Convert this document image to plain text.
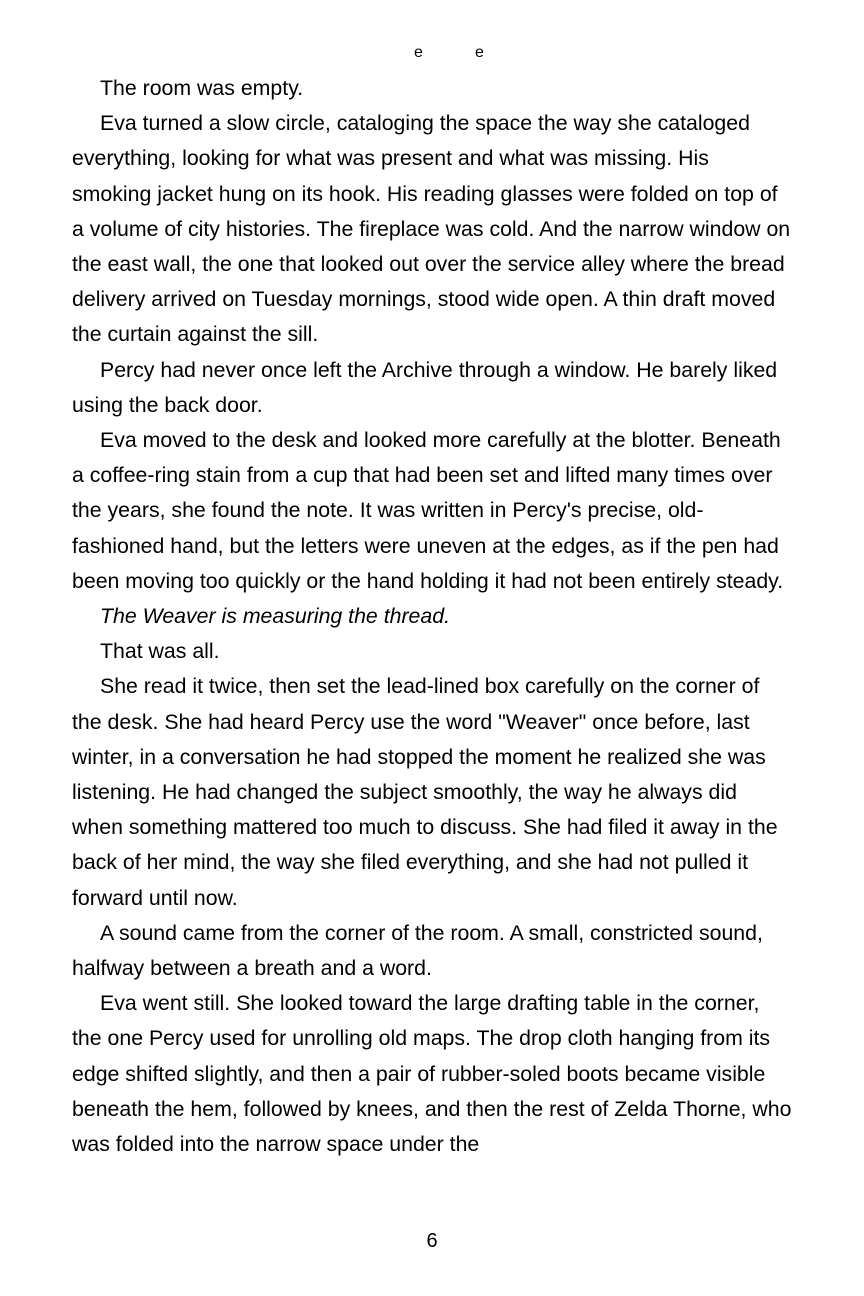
e	e

The room was empty.

Eva turned a slow circle, cataloging the space the way she cataloged everything, looking for what was present and what was missing. His smoking jacket hung on its hook. His reading glasses were folded on top of a volume of city histories. The fireplace was cold. And the narrow window on the east wall, the one that looked out over the service alley where the bread delivery arrived on Tuesday mornings, stood wide open. A thin draft moved the curtain against the sill.

Percy had never once left the Archive through a window. He barely liked using the back door.

Eva moved to the desk and looked more carefully at the blotter. Beneath a coffee-ring stain from a cup that had been set and lifted many times over the years, she found the note. It was written in Percy's precise, old-fashioned hand, but the letters were uneven at the edges, as if the pen had been moving too quickly or the hand holding it had not been entirely steady.

The Weaver is measuring the thread.

That was all.

She read it twice, then set the lead-lined box carefully on the corner of the desk. She had heard Percy use the word "Weaver" once before, last winter, in a conversation he had stopped the moment he realized she was listening. He had changed the subject smoothly, the way he always did when something mattered too much to discuss. She had filed it away in the back of her mind, the way she filed everything, and she had not pulled it forward until now.

A sound came from the corner of the room. A small, constricted sound, halfway between a breath and a word.

Eva went still. She looked toward the large drafting table in the corner, the one Percy used for unrolling old maps. The drop cloth hanging from its edge shifted slightly, and then a pair of rubber-soled boots became visible beneath the hem, followed by knees, and then the rest of Zelda Thorne, who was folded into the narrow space under the

6
